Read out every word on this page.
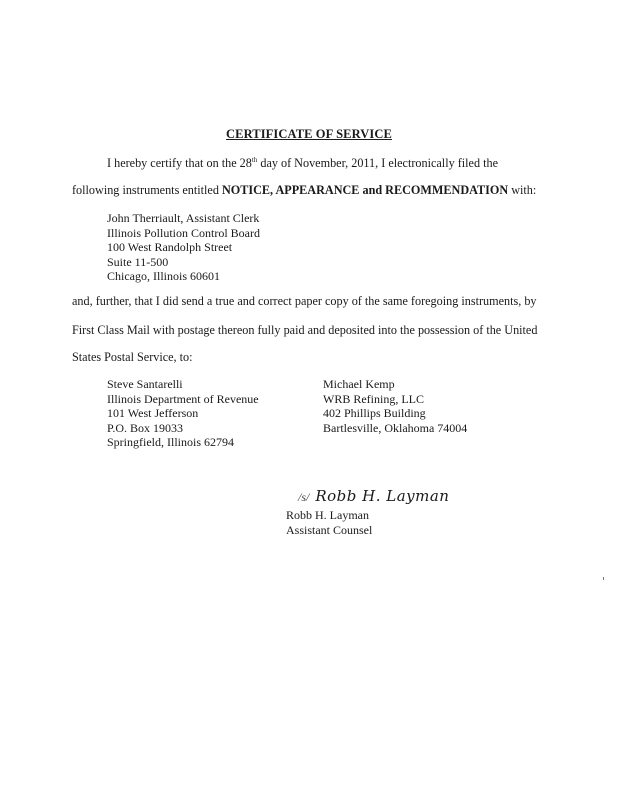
CERTIFICATE OF SERVICE
I hereby certify that on the 28th day of November, 2011, I electronically filed the
following instruments entitled NOTICE, APPEARANCE and RECOMMENDATION with:
John Therriault, Assistant Clerk
Illinois Pollution Control Board
100 West Randolph Street
Suite 11-500
Chicago, Illinois 60601
and, further, that I did send a true and correct paper copy of the same foregoing instruments, by
First Class Mail with postage thereon fully paid and deposited into the possession of the United
States Postal Service, to:
Steve Santarelli
Illinois Department of Revenue
101 West Jefferson
P.O. Box 19033
Springfield, Illinois 62794
Michael Kemp
WRB Refining, LLC
402 Phillips Building
Bartlesville, Oklahoma 74004
/s/ Robb H. Layman
Robb H. Layman
Assistant Counsel
